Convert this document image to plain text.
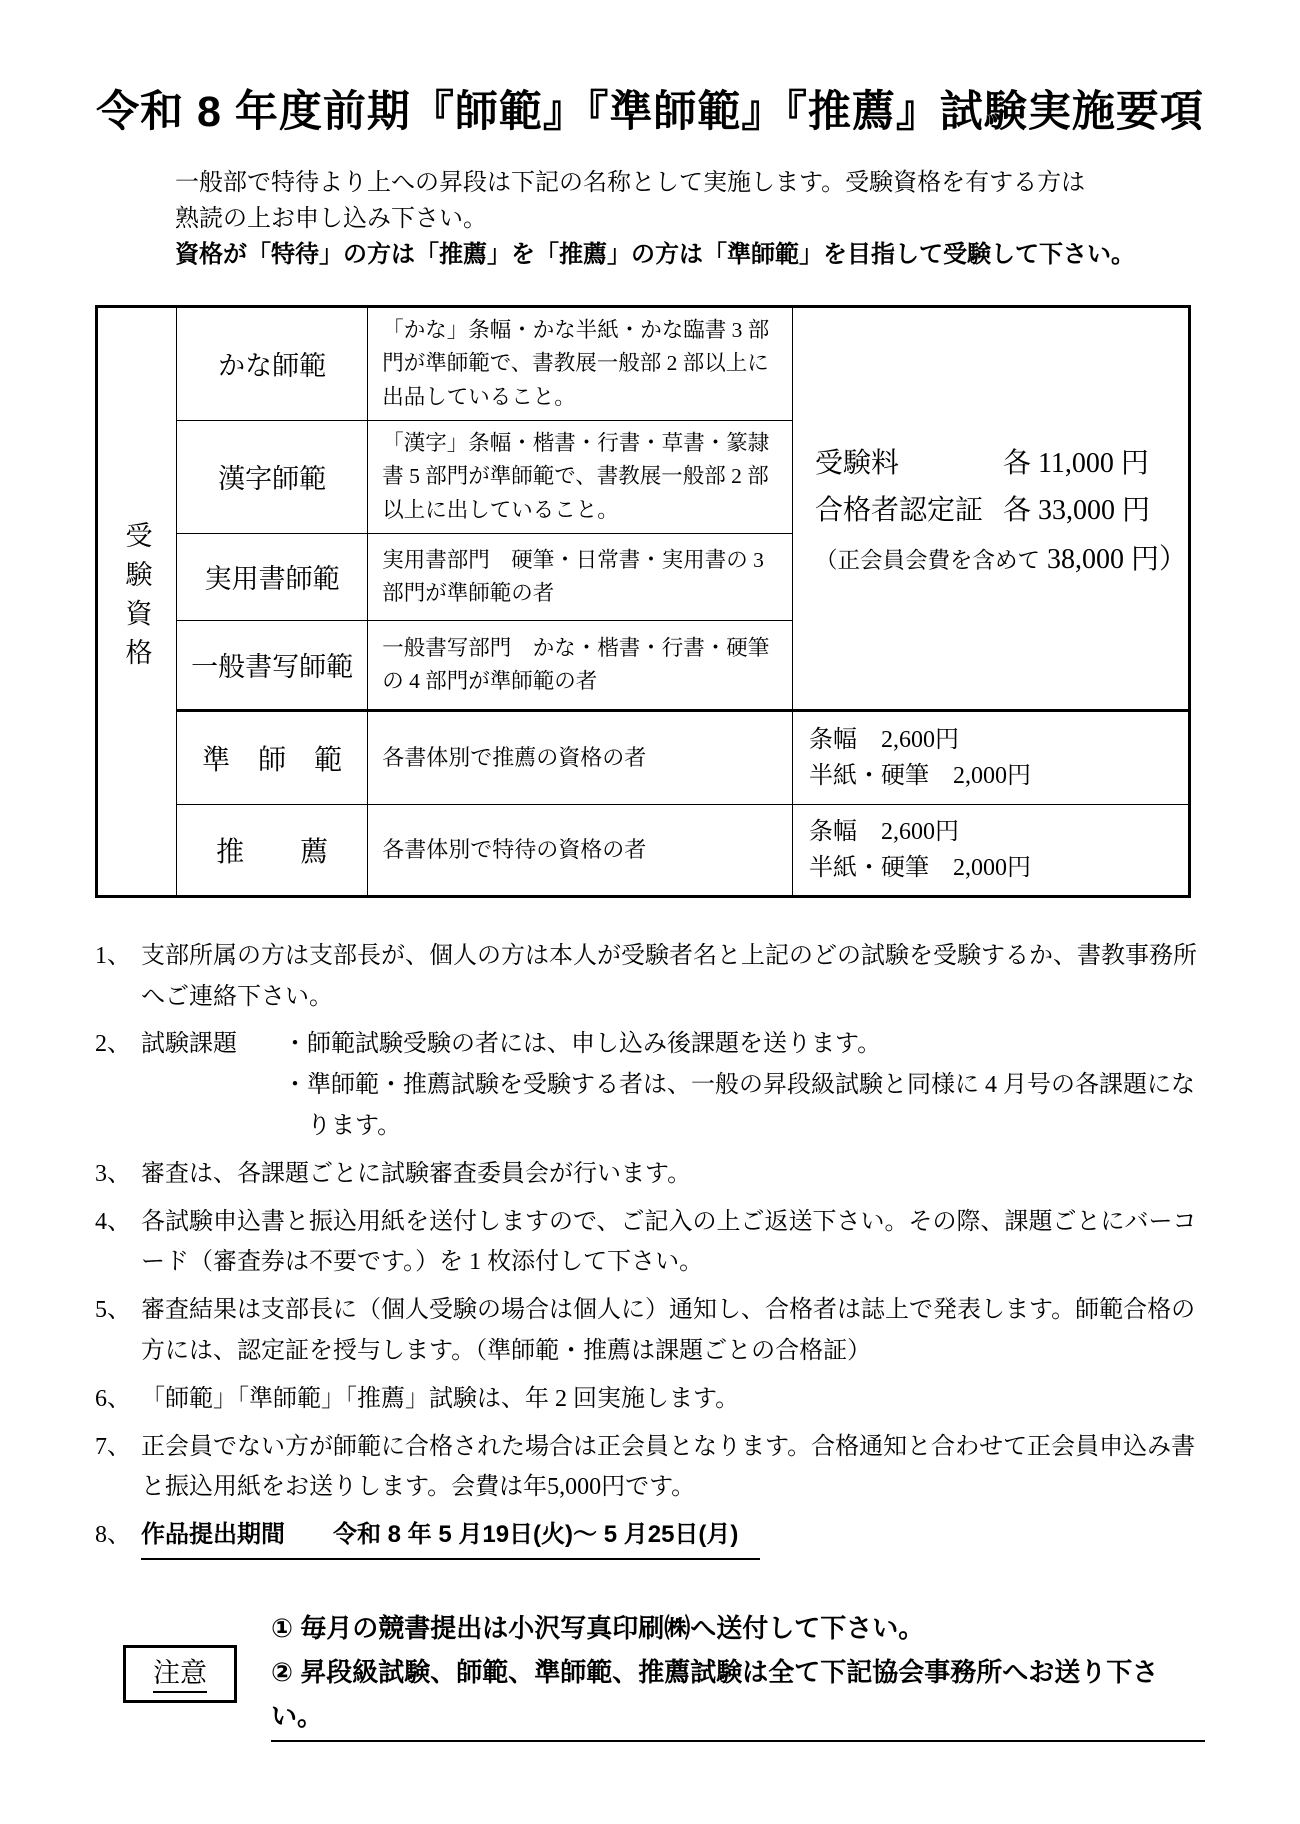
令和 8 年度前期『師範』『準師範』『推薦』試験実施要項
一般部で特待より上への昇段は下記の名称として実施します。受験資格を有する方は
熟読の上お申し込み下さい。
資格が「特待」の方は「推薦」を「推薦」の方は「準師範」を目指して受験して下さい。
受験資格	かな師範	「かな」条幅・かな半紙・かな臨書 3 部門が準師範で、書教展一般部 2 部以上に出品していること。	受験料 各 11,000 円
合格者認定証 各 33,000 円
（正会員会費を含めて 38,000 円）

	漢字師範	「漢字」条幅・楷書・行書・草書・篆隷書 5 部門が準師範で、書教展一般部 2 部以上に出していること。	
	実用書師範	実用書部門　硬筆・日常書・実用書の 3 部門が準師範の者	
	一般書写師範	一般書写部門　かな・楷書・行書・硬筆の 4 部門が準師範の者	
	準　師　範	各書体別で推薦の資格の者	条幅　2,600円
半紙・硬筆　2,000円

	推　　薦	各書体別で特待の資格の者	条幅　2,600円
半紙・硬筆　2,000円
1、 支部所属の方は支部長が、個人の方は本人が受験者名と上記のどの試験を受験するか、書教事務所へご連絡下さい。
2、 試験課題	・師範試験受験の者には、申し込み後課題を送ります。
・準師範・推薦試験を受験する者は、一般の昇段級試験と同様に 4 月号の各課題になります。
3、 審査は、各課題ごとに試験審査委員会が行います。
4、 各試験申込書と振込用紙を送付しますので、ご記入の上ご返送下さい。その際、課題ごとにバーコード（審査券は不要です。）を 1 枚添付して下さい。
5、 審査結果は支部長に（個人受験の場合は個人に）通知し、合格者は誌上で発表します。師範合格の方には、認定証を授与します。（準師範・推薦は課題ごとの合格証）
6、 「師範」「準師範」「推薦」試験は、年 2 回実施します。
7、 正会員でない方が師範に合格された場合は正会員となります。合格通知と合わせて正会員申込み書と振込用紙をお送りします。会費は年5,000円です。
8、 作品提出期間　　令和 8 年 5 月19日(火)～ 5 月25日(月)
注意
① 毎月の競書提出は小沢写真印刷㈱へ送付して下さい。
② 昇段級試験、師範、準師範、推薦試験は全て下記協会事務所へお送り下さい。
